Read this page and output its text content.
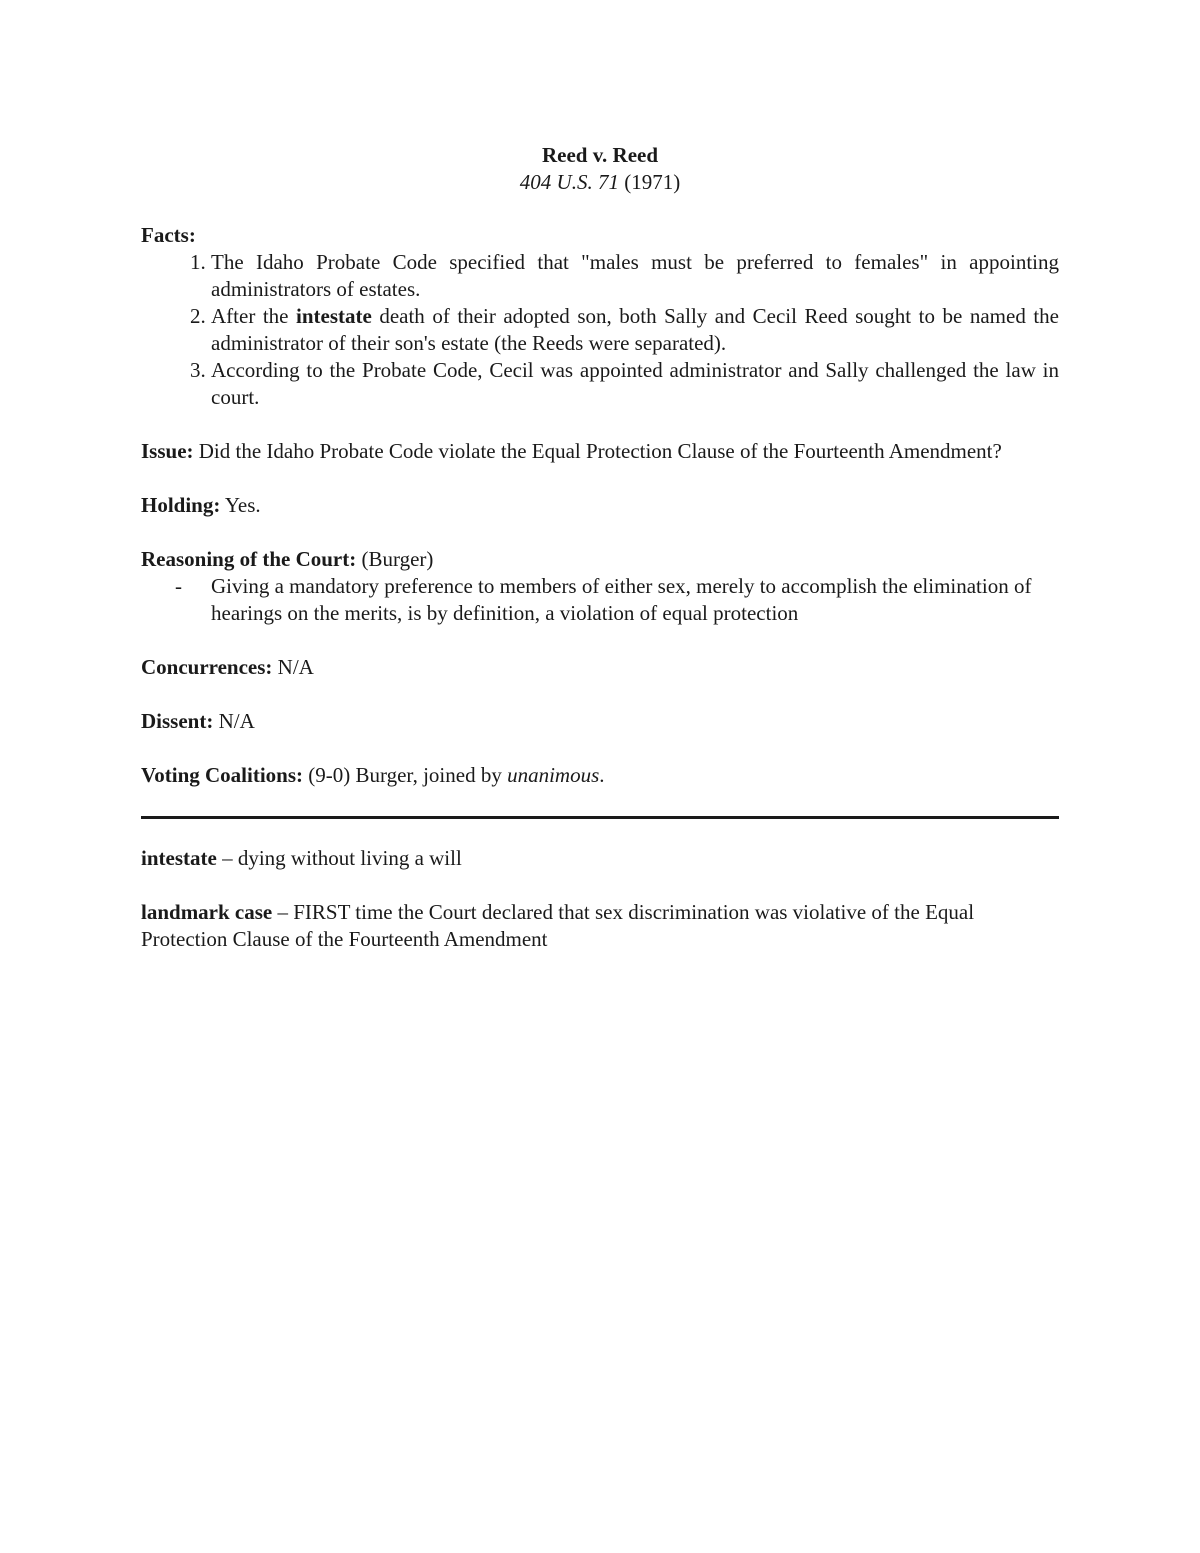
Reed v. Reed

404 U.S. 71 (1971)

Facts:
1. The Idaho Probate Code specified that "males must be preferred to females" in appointing administrators of estates.
2. After the intestate death of their adopted son, both Sally and Cecil Reed sought to be named the administrator of their son's estate (the Reeds were separated).
3. According to the Probate Code, Cecil was appointed administrator and Sally challenged the law in court.

Issue: Did the Idaho Probate Code violate the Equal Protection Clause of the Fourteenth Amendment?

Holding: Yes.

Reasoning of the Court: (Burger)
- Giving a mandatory preference to members of either sex, merely to accomplish the elimination of hearings on the merits, is by definition, a violation of equal protection

Concurrences: N/A

Dissent: N/A

Voting Coalitions: (9-0) Burger, joined by unanimous.

intestate – dying without living a will

landmark case – FIRST time the Court declared that sex discrimination was violative of the Equal Protection Clause of the Fourteenth Amendment
